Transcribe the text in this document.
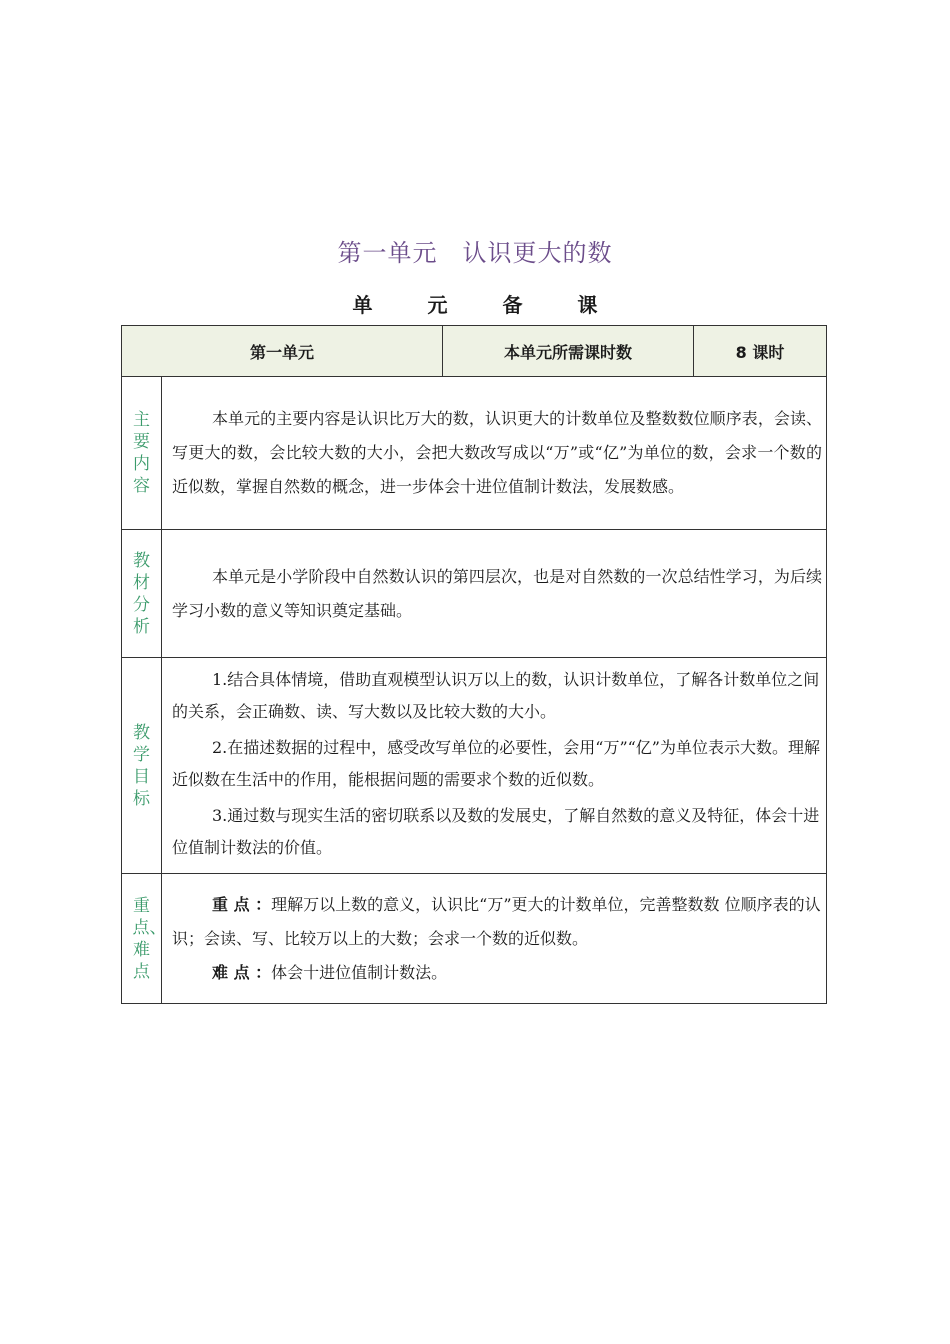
第一单元　认识更大的数
单 元 备 课
第一单元		本单元所需课时数	8 课时

主要内容	本单元的主要内容是认识比万大的数，认识更大的计数单位及整数数位顺序表，会读、写更大的数，会比较大数的大小，会把大数改写成以“万”或“亿”为单位的数，会求一个数的近似数，掌握自然数的概念，进一步体会十进位值制计数法，发展数感。		

教材分析	本单元是小学阶段中自然数认识的第四层次，也是对自然数的一次总结性学习，为后续学习小数的意义等知识奠定基础。		

教学目标	1.结合具体情境，借助直观模型认识万以上的数，认识计数单位，了解各计数单位之间的关系，会正确数、读、写大数以及比较大数的大小。

2.在描述数据的过程中，感受改写单位的必要性，会用“万”“亿”为单位表示大数。理解近似数在生活中的作用，能根据问题的需要求个数的近似数。

3.通过数与现实生活的密切联系以及数的发展史，了解自然数的意义及特征，体会十进位值制计数法的价值。		

重点、难点	重 点 ：理解万以上数的意义，认识比“万”更大的计数单位，完善整数数 位顺序表的认识；会读、写、比较万以上的大数；会求一个数的近似数。

难 点 ：体会十进位值制计数法。		
